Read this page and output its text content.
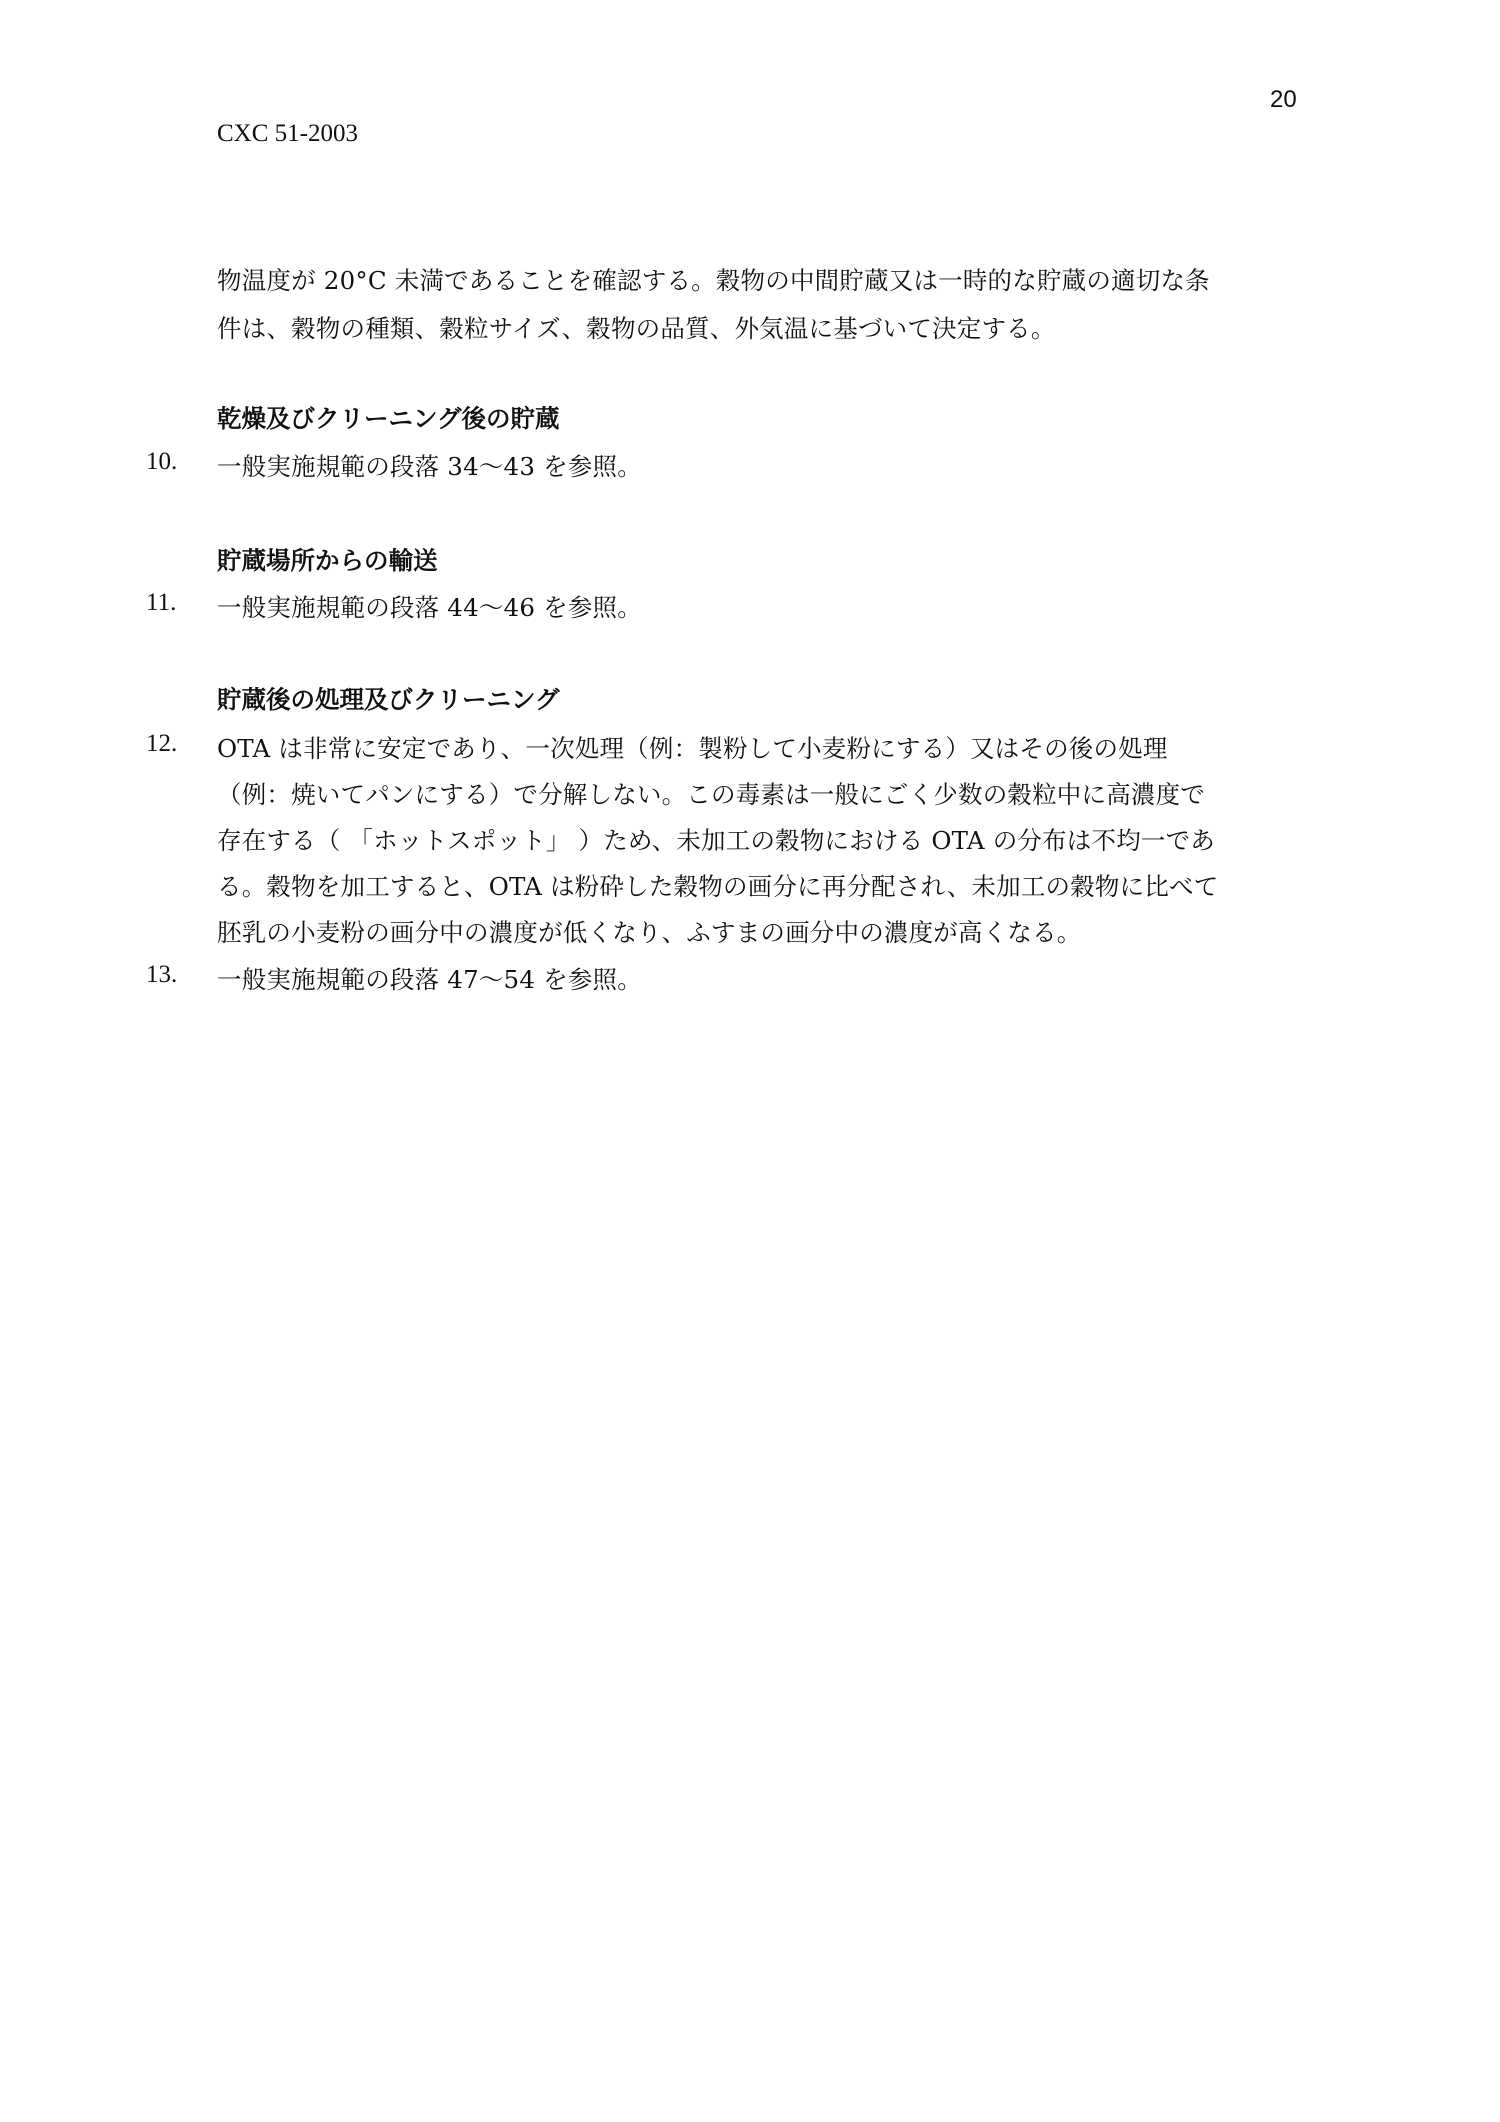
20
CXC 51-2003
物温度が 20°C 未満であることを確認する。穀物の中間貯蔵又は一時的な貯蔵の適切な条
件は、穀物の種類、穀粒サイズ、穀物の品質、外気温に基づいて決定する。
乾燥及びクリーニング後の貯蔵
10. 一般実施規範の段落 34～43 を参照。
貯蔵場所からの輸送
11. 一般実施規範の段落 44～46 を参照。
貯蔵後の処理及びクリーニング
12. OTA は非常に安定であり、一次処理（例：製粉して小麦粉にする）又はその後の処理
（例：焼いてパンにする）で分解しない。この毒素は一般にごく少数の穀粒中に高濃度で
存在する（ 「ホットスポット」 ）ため、未加工の穀物における OTA の分布は不均一であ
る。穀物を加工すると、OTA は粉砕した穀物の画分に再分配され、未加工の穀物に比べて
胚乳の小麦粉の画分中の濃度が低くなり、ふすまの画分中の濃度が高くなる。
13. 一般実施規範の段落 47～54 を参照。
